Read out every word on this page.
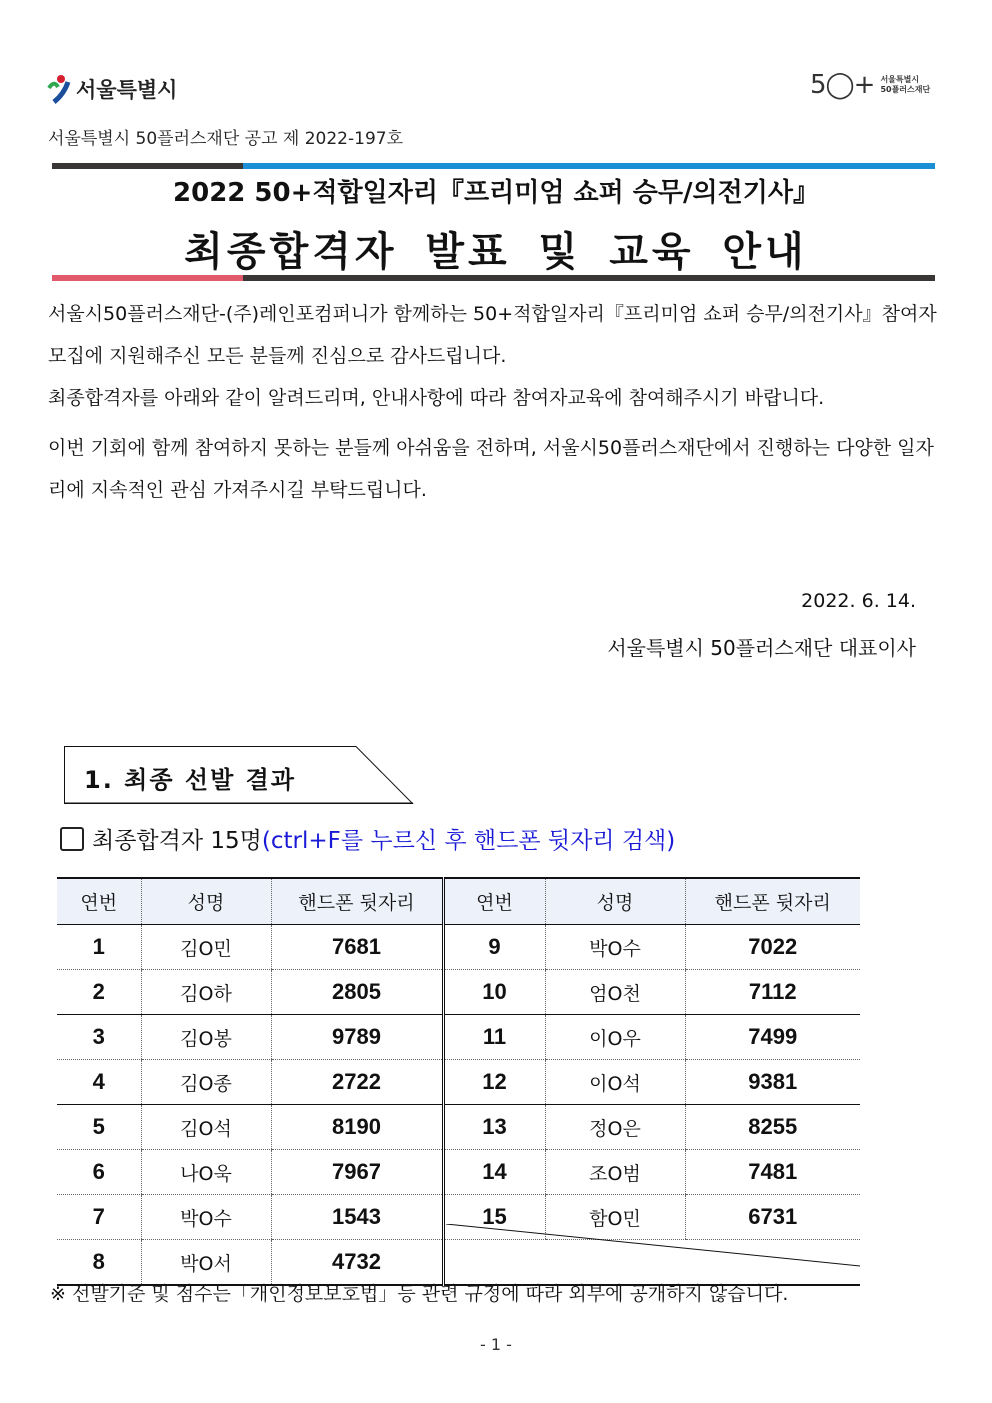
서울특별시	5◯+ 서울특별시
50플러스재단
서울특별시 50플러스재단 공고 제 2022-197호
2022 50+적합일자리『프리미엄 쇼퍼 승무/의전기사』
최종합격자 발표 및 교육 안내
서울시50플러스재단-(주)레인포컴퍼니가 함께하는 50+적합일자리『프리미엄 쇼퍼 승무/의전기사』참여자모집에 지원해주신 모든 분들께 진심으로 감사드립니다.
최종합격자를 아래와 같이 알려드리며, 안내사항에 따라 참여자교육에 참여해주시기 바랍니다.
이번 기회에 함께 참여하지 못하는 분들께 아쉬움을 전하며, 서울시50플러스재단에서 진행하는 다양한 일자리에 지속적인 관심 가져주시길 부탁드립니다.
2022. 6. 14.
서울특별시 50플러스재단 대표이사
1. 최종 선발 결과
최종합격자 15명 (ctrl+F를 누르신 후 핸드폰 뒷자리 검색)
연번	성명	핸드폰 뒷자리	연번	성명	핸드폰 뒷자리
1	김O민	7681	9	박O수	7022
2	김O하	2805	10	엄O천	7112
3	김O봉	9789	11	이O우	7499
4	김O종	2722	12	이O석	9381
5	김O석	8190	13	정O은	8255
6	나O욱	7967	14	조O범	7481
7	박O수	1543	15	함O민	6731
8	박O서	4732			
※ 선발기준 및 점수는「개인정보보호법」등 관련 규정에 따라 외부에 공개하지 않습니다.
- 1 -
